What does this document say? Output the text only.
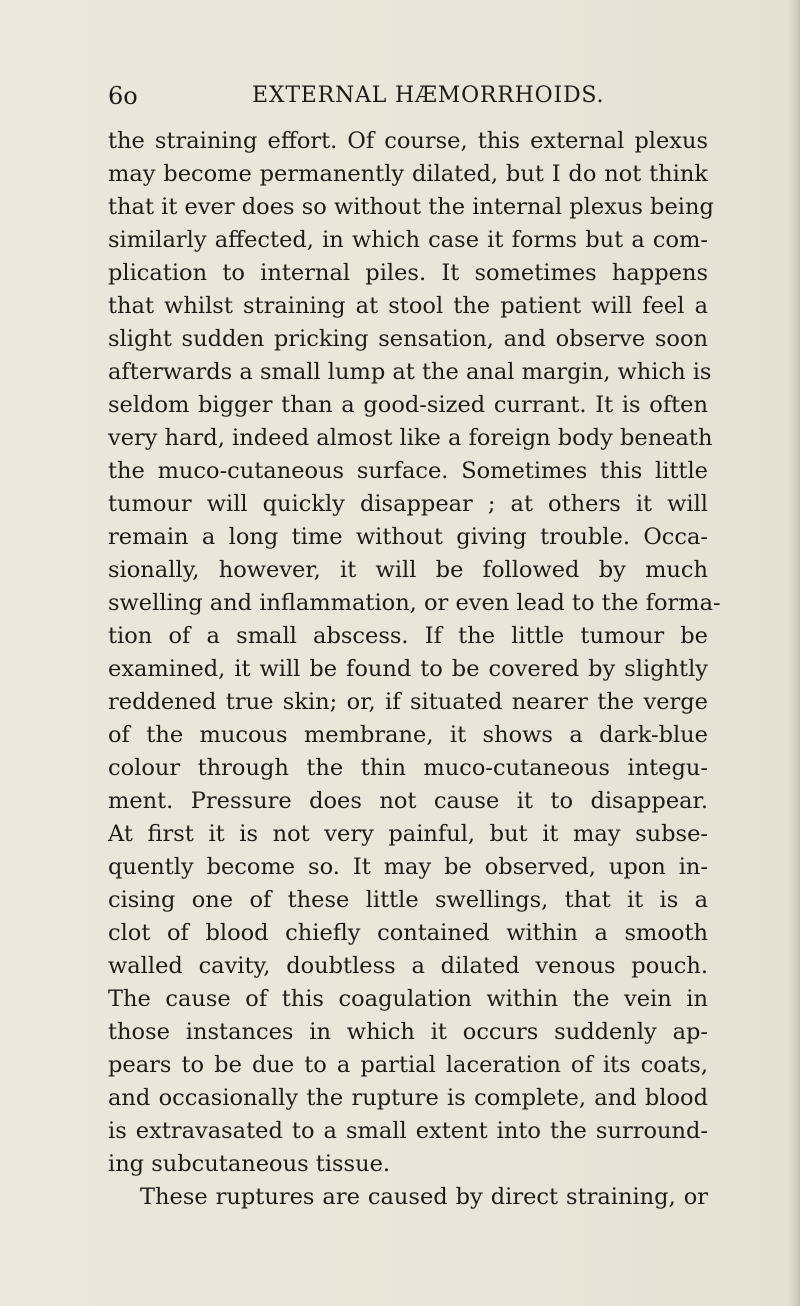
6o	EXTERNAL HÆMORRHOIDS.
the straining effort. Of course, this external plexus
may become permanently dilated, but I do not think
that it ever does so without the internal plexus being
similarly affected, in which case it forms but a com-
plication to internal piles. It sometimes happens
that whilst straining at stool the patient will feel a
slight sudden pricking sensation, and observe soon
afterwards a small lump at the anal margin, which is
seldom bigger than a good-sized currant. It is often
very hard, indeed almost like a foreign body beneath
the muco-cutaneous surface. Sometimes this little
tumour will quickly disappear ; at others it will
remain a long time without giving trouble. Occa-
sionally, however, it will be followed by much
swelling and inflammation, or even lead to the forma-
tion of a small abscess. If the little tumour be
examined, it will be found to be covered by slightly
reddened true skin; or, if situated nearer the verge
of the mucous membrane, it shows a dark-blue
colour through the thin muco-cutaneous integu-
ment. Pressure does not cause it to disappear.
At first it is not very painful, but it may subse-
quently become so. It may be observed, upon in-
cising one of these little swellings, that it is a
clot of blood chiefly contained within a smooth
walled cavity, doubtless a dilated venous pouch.
The cause of this coagulation within the vein in
those instances in which it occurs suddenly ap-
pears to be due to a partial laceration of its coats,
and occasionally the rupture is complete, and blood
is extravasated to a small extent into the surround-
ing subcutaneous tissue.
These ruptures are caused by direct straining, or
